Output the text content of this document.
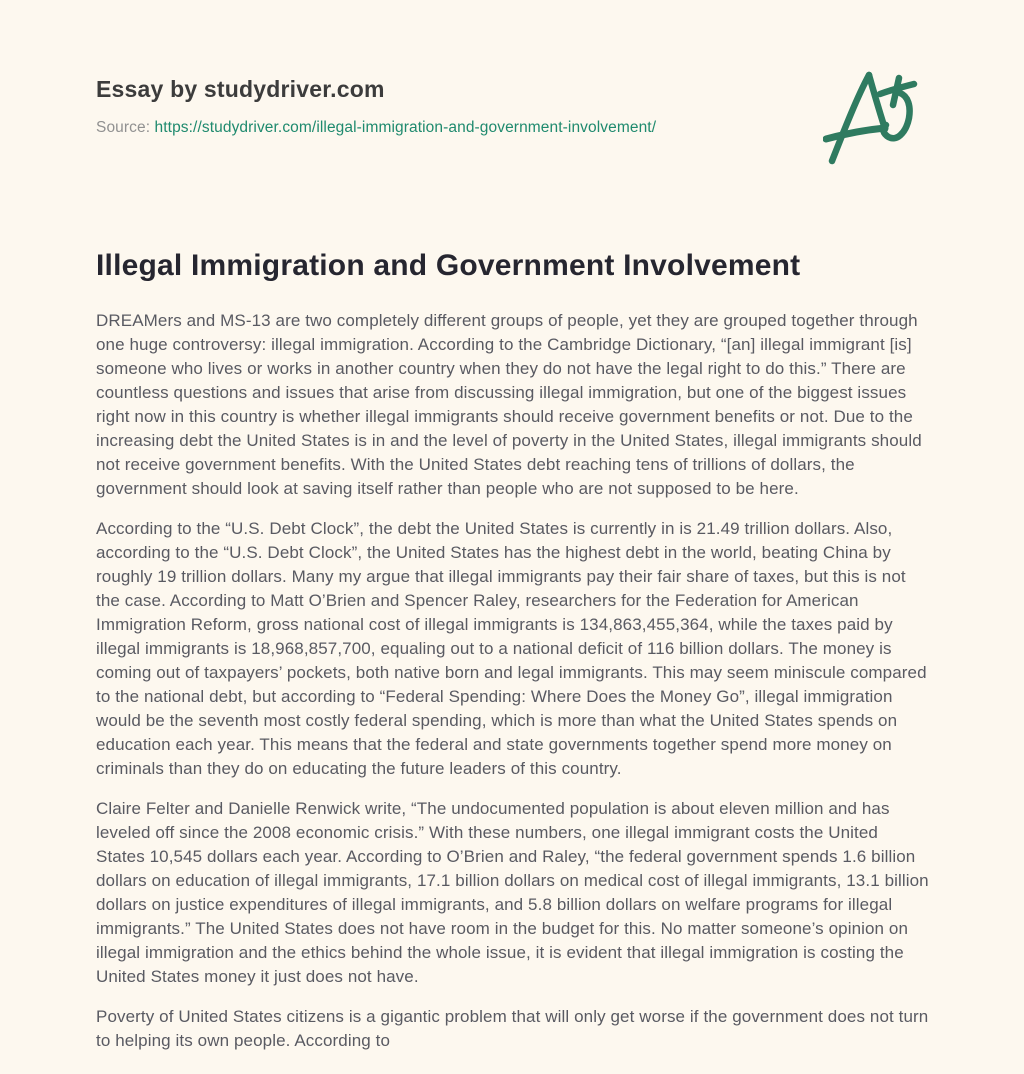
Essay by studydriver.com
Source: https://studydriver.com/illegal-immigration-and-government-involvement/
Illegal Immigration and Government Involvement

DREAMers and MS-13 are two completely different groups of people, yet they are grouped together through one huge controversy: illegal immigration. According to the Cambridge Dictionary, “[an] illegal immigrant [is] someone who lives or works in another country when they do not have the legal right to do this.” There are countless questions and issues that arise from discussing illegal immigration, but one of the biggest issues right now in this country is whether illegal immigrants should receive government benefits or not. Due to the increasing debt the United States is in and the level of poverty in the United States, illegal immigrants should not receive government benefits. With the United States debt reaching tens of trillions of dollars, the government should look at saving itself rather than people who are not supposed to be here.

According to the “U.S. Debt Clock”, the debt the United States is currently in is 21.49 trillion dollars. Also, according to the “U.S. Debt Clock”, the United States has the highest debt in the world, beating China by roughly 19 trillion dollars. Many my argue that illegal immigrants pay their fair share of taxes, but this is not the case. According to Matt O’Brien and Spencer Raley, researchers for the Federation for American Immigration Reform, gross national cost of illegal immigrants is 134,863,455,364, while the taxes paid by illegal immigrants is 18,968,857,700, equaling out to a national deficit of 116 billion dollars. The money is coming out of taxpayers’ pockets, both native born and legal immigrants. This may seem miniscule compared to the national debt, but according to “Federal Spending: Where Does the Money Go”, illegal immigration would be the seventh most costly federal spending, which is more than what the United States spends on education each year. This means that the federal and state governments together spend more money on criminals than they do on educating the future leaders of this country.

Claire Felter and Danielle Renwick write, “The undocumented population is about eleven million and has leveled off since the 2008 economic crisis.” With these numbers, one illegal immigrant costs the United States 10,545 dollars each year. According to O’Brien and Raley, “the federal government spends 1.6 billion dollars on education of illegal immigrants, 17.1 billion dollars on medical cost of illegal immigrants, 13.1 billion dollars on justice expenditures of illegal immigrants, and 5.8 billion dollars on welfare programs for illegal immigrants.” The United States does not have room in the budget for this. No matter someone’s opinion on illegal immigration and the ethics behind the whole issue, it is evident that illegal immigration is costing the United States money it just does not have.

Poverty of United States citizens is a gigantic problem that will only get worse if the government does not turn to helping its own people. According to
